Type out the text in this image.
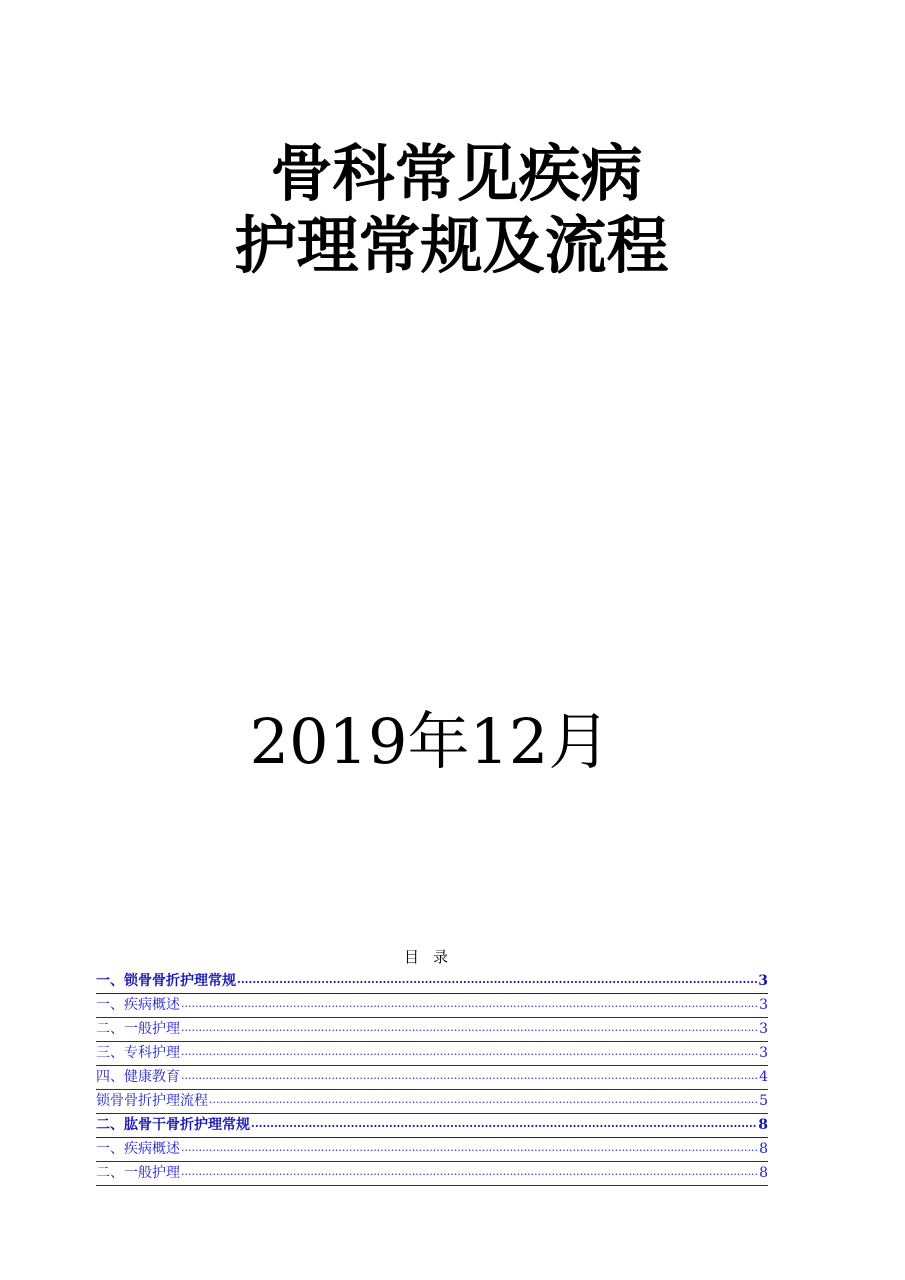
骨科常见疾病
护理常规及流程
2019年12月
目录
一、锁骨骨折护理常规 .....	3
一、疾病概述 .....	3
二、一般护理 .....	3
三、专科护理 .....	3
四、健康教育 .....	4
锁骨骨折护理流程 .....	5
二、肱骨干骨折护理常规 .....	8
一、疾病概述 .....	8
二、一般护理 .....	8
